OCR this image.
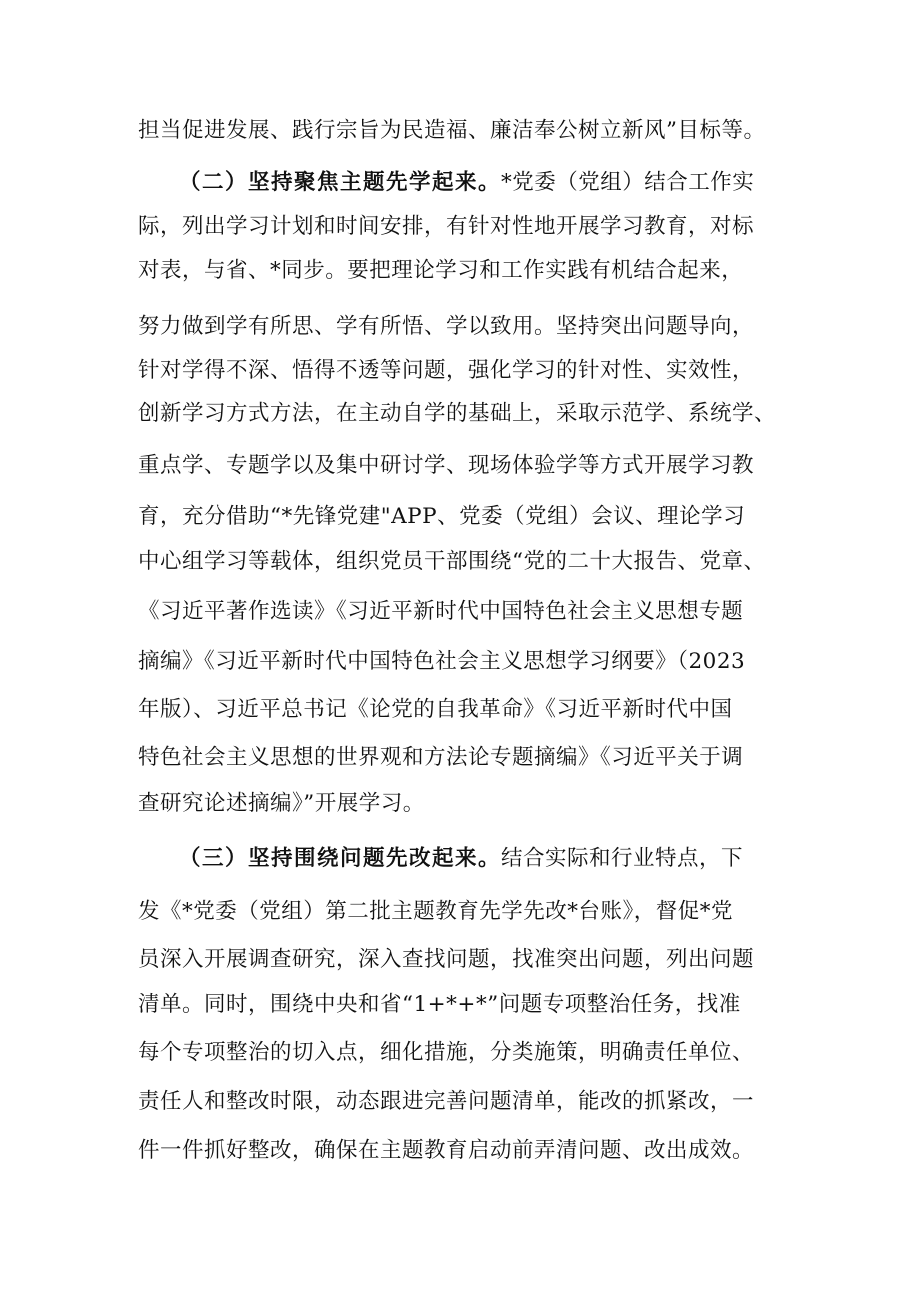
担当促进发展、践行宗旨为民造福、廉洁奉公树立新风”目标等。
（二）坚持聚焦主题先学起来。*党委（党组）结合工作实
际，列出学习计划和时间安排，有针对性地开展学习教育，对标
对表，与省、*同步。要把理论学习和工作实践有机结合起来，
努力做到学有所思、学有所悟、学以致用。坚持突出问题导向，
针对学得不深、悟得不透等问题，强化学习的针对性、实效性，
创新学习方式方法，在主动自学的基础上，采取示范学、系统学、
重点学、专题学以及集中研讨学、现场体验学等方式开展学习教
育，充分借助“*先锋党建"APP、党委（党组）会议、理论学习
中心组学习等载体，组织党员干部围绕“党的二十大报告、党章、
《习近平著作选读》《习近平新时代中国特色社会主义思想专题
摘编》《习近平新时代中国特色社会主义思想学习纲要》（2023
年版）、习近平总书记《论党的自我革命》《习近平新时代中国
特色社会主义思想的世界观和方法论专题摘编》《习近平关于调
查研究论述摘编》”开展学习。
（三）坚持围绕问题先改起来。结合实际和行业特点，下
发《*党委（党组）第二批主题教育先学先改*台账》，督促*党
员深入开展调查研究，深入查找问题，找准突出问题，列出问题
清单。同时，围绕中央和省“1+*+*”问题专项整治任务，找准
每个专项整治的切入点，细化措施，分类施策，明确责任单位、
责任人和整改时限，动态跟进完善问题清单，能改的抓紧改，一
件一件抓好整改，确保在主题教育启动前弄清问题、改出成效。
